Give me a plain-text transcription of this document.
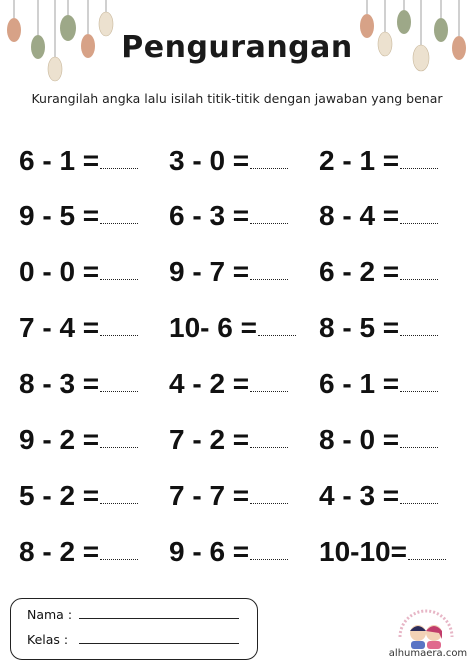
Pengurangan
Kurangilah angka lalu isilah titik-titik dengan jawaban yang benar
6 - 1 = 3 - 0 = 2 - 1 =
9 - 5 = 6 - 3 = 8 - 4 =
0 - 0 = 9 - 7 = 6 - 2 =
7 - 4 = 10- 6 = 8 - 5 =
8 - 3 = 4 - 2 = 6 - 1 =
9 - 2 = 7 - 2 = 8 - 0 =
5 - 2 = 7 - 7 = 4 - 3 =
8 - 2 = 9 - 6 = 10-10=
Nama :
Kelas :
alhumaera.com
